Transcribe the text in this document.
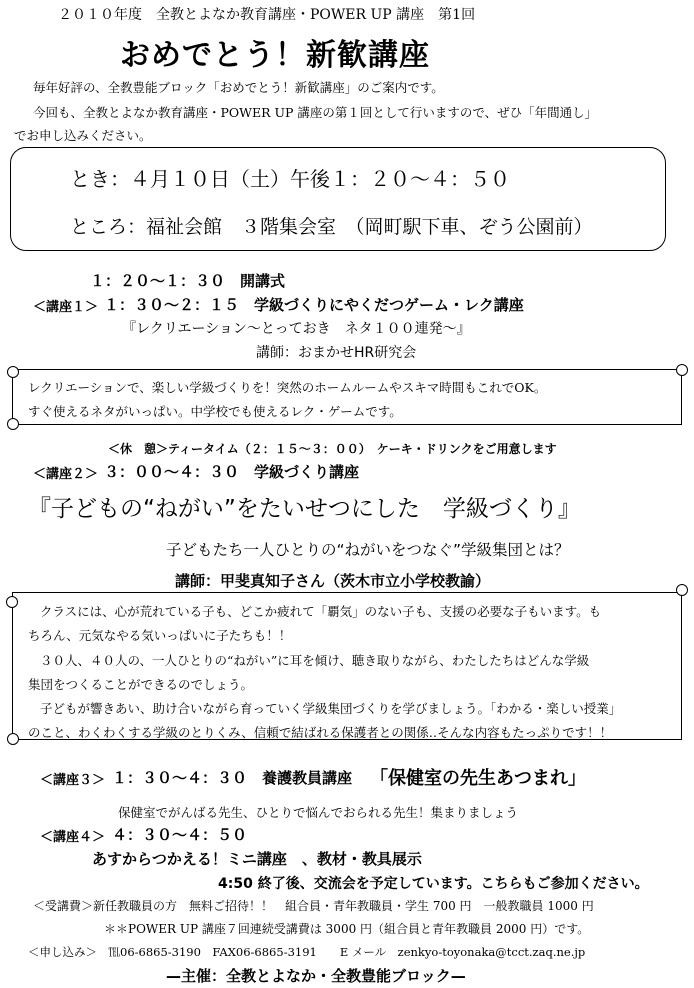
２０１０年度　全教とよなか教育講座・POWER UP 講座　第1回
おめでとう！新歓講座
毎年好評の、全教豊能ブロック「おめでとう！新歓講座」のご案内です。
今回も、全教とよなか教育講座・POWER UP 講座の第１回として行いますので、ぜひ「年間通し」
でお申し込みください。
とき：４月１０日（土）午後１：２０〜４：５０
ところ：福祉会館　３階集会室　（岡町駅下車、ぞう公園前）
１：２０〜１：３０　開講式
＜講座１＞ １：３０〜２：１５　学級づくりにやくだつゲーム・レク講座
『レクリエーション〜とっておき　ネタ１００連発〜』
講師：おまかせHR研究会
レクリエーションで、楽しい学級づくりを！突然のホームルームやスキマ時間もこれでOK。
すぐ使えるネタがいっぱい。中学校でも使えるレク・ゲームです。
＜休　憩＞ティータイム（２：１５〜３：００）　ケーキ・ドリンクをご用意します
＜講座２＞ ３：００〜４：３０　学級づくり講座
『子どもの“ねがい”をたいせつにした　学級づくり』
子どもたち一人ひとりの“ねがいをつなぐ”学級集団とは？
講師：甲斐真知子さん（茨木市立小学校教諭）
クラスには、心が荒れている子も、どこか疲れて「覇気」のない子も、支援の必要な子もいます。も
ちろん、元気なやる気いっぱいに子たちも！！
３０人、４０人の、一人ひとりの“ねがい”に耳を傾け、聴き取りながら、わたしたちはどんな学級
集団をつくることができるのでしょう。
子どもが響きあい、助け合いながら育っていく学級集団づくりを学びましょう。「わかる・楽しい授業」
のこと、わくわくする学級のとりくみ、信頼で結ばれる保護者との関係‥そんな内容もたっぷりです！！
＜講座３＞ １：３０〜４：３０　養護教員講座 「保健室の先生あつまれ」
保健室でがんばる先生、ひとりで悩んでおられる先生！集まりましょう
＜講座４＞ ４：３０〜４：５０
あすからつかえる！ミニ講座　、教材・教具展示
4:50 終了後、交流会を予定しています。こちらもご参加ください。
＜受講費＞新任教職員の方　無料ご招待！！　組合員・青年教職員・学生 700 円　一般教職員 1000 円
＊＊POWER UP 講座７回連続受講費は 3000 円（組合員と青年教職員 2000 円）です。
＜申し込み＞　℡06-6865-3190　FAX06-6865-3191　　E メール　zenkyo-toyonaka@tcct.zaq.ne.jp
—主催：全教とよなか・全教豊能ブロック—
